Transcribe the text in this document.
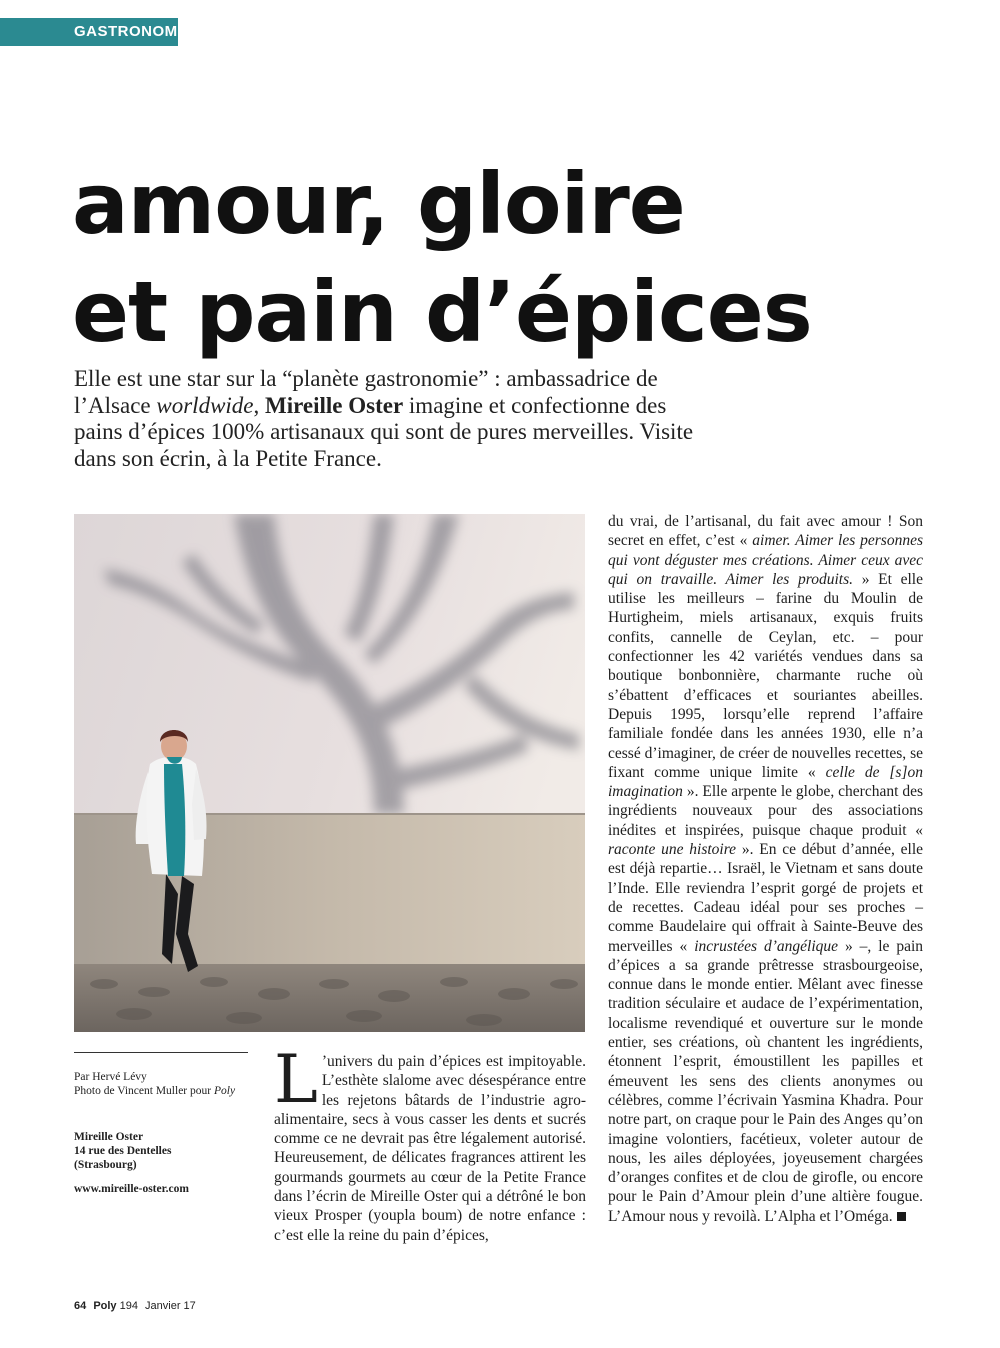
GASTRONOMIE
amour, gloire
et pain d’épices

Elle est une star sur la “planète gastronomie” : ambassadrice de l’Alsace worldwide, Mireille Oster imagine et confectionne des pains d’épices 100% artisanaux qui sont de pures merveilles. Visite dans son écrin, à la Petite France.

Par Hervé Lévy
Photo de Vincent Muller pour Poly
Mireille Oster
14 rue des Dentelles
(Strasbourg)
www.mireille-oster.com

L ’univers du pain d’épices est impitoyable. L’esthète slalome avec désespérance entre les rejetons bâtards de l’industrie agro-alimentaire, secs à vous casser les dents et sucrés comme ce ne devrait pas être légalement autorisé. Heureusement, de délicates fragrances attirent les gourmands gourmets au cœur de la Petite France dans l’écrin de Mireille Oster qui a détrôné le bon vieux Prosper (youpla boum) de notre enfance : c’est elle la reine du pain d’épices,

du vrai, de l’artisanal, du fait avec amour ! Son secret en effet, c’est « aimer. Aimer les personnes qui vont déguster mes créations. Aimer ceux avec qui on travaille. Aimer les produits. » Et elle utilise les meilleurs – farine du Moulin de Hurtigheim, miels artisanaux, exquis fruits confits, cannelle de Ceylan, etc. – pour confectionner les 42 variétés vendues dans sa boutique bonbonnière, charmante ruche où s’ébattent d’efficaces et souriantes abeilles. Depuis 1995, lorsqu’elle reprend l’affaire familiale fondée dans les années 1930, elle n’a cessé d’imaginer, de créer de nouvelles recettes, se fixant comme unique limite « celle de [s]on imagination ». Elle arpente le globe, cherchant des ingrédients nouveaux pour des associations inédites et inspirées, puisque chaque produit « raconte une histoire ». En ce début d’année, elle est déjà repartie… Israël, le Vietnam et sans doute l’Inde. Elle reviendra l’esprit gorgé de projets et de recettes. Cadeau idéal pour ses proches – comme Baudelaire qui offrait à Sainte-Beuve des merveilles « incrustées d’angélique » –, le pain d’épices a sa grande prêtresse strasbourgeoise, connue dans le monde entier. Mêlant avec finesse tradition séculaire et audace de l’expérimentation, localisme revendiqué et ouverture sur le monde entier, ses créations, où chantent les ingrédients, étonnent l’esprit, émoustillent les papilles et émeuvent les sens des clients anonymes ou célèbres, comme l’écrivain Yasmina Khadra. Pour notre part, on craque pour le Pain des Anges qu’on imagine volontiers, facétieux, voleter autour de nous, les ailes déployées, joyeusement chargées d’oranges confites et de clou de girofle, ou encore pour le Pain d’Amour plein d’une altière fougue. L’Amour nous y revoilà. L’Alpha et l’Oméga.

64 Poly 194 Janvier 17
